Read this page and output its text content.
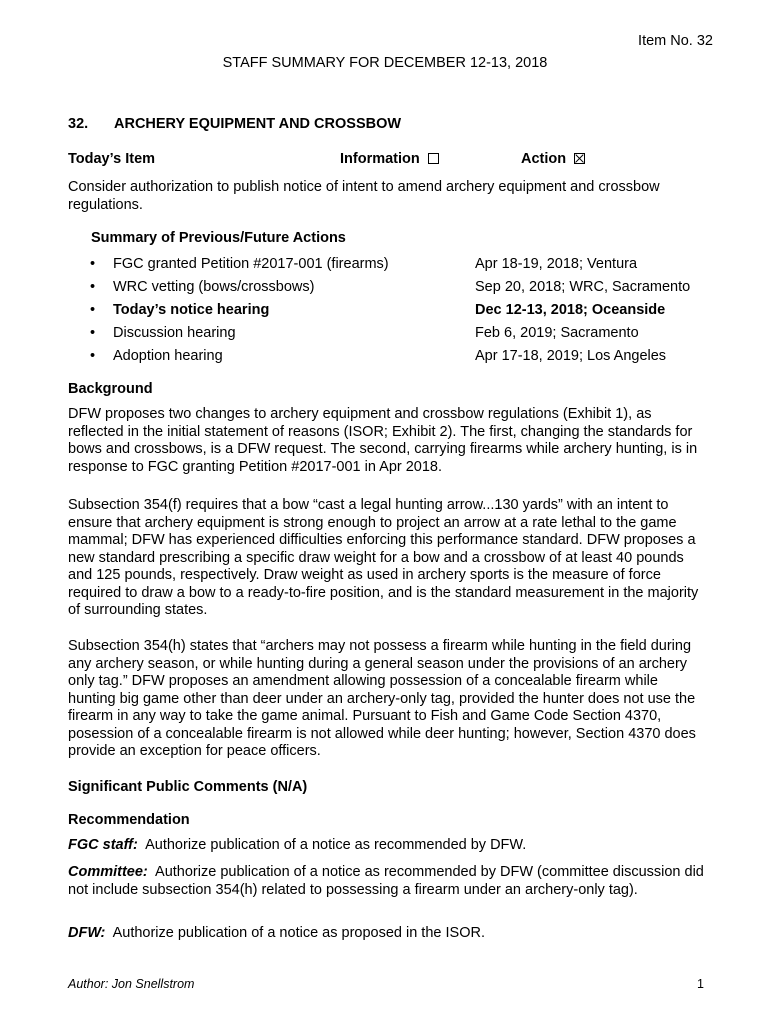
Item No. 32
STAFF SUMMARY FOR DECEMBER 12-13, 2018
32. ARCHERY EQUIPMENT AND CROSSBOW
Today’s Item	Information	Action
Consider authorization to publish notice of intent to amend archery equipment and crossbow regulations.
Summary of Previous/Future Actions
• FGC granted Petition #2017-001 (firearms)	Apr 18-19, 2018; Ventura
• WRC vetting (bows/crossbows)	Sep 20, 2018; WRC, Sacramento
• Today’s notice hearing	Dec 12-13, 2018; Oceanside
• Discussion hearing	Feb 6, 2019; Sacramento
• Adoption hearing	Apr 17-18, 2019; Los Angeles
Background
DFW proposes two changes to archery equipment and crossbow regulations (Exhibit 1), as reflected in the initial statement of reasons (ISOR; Exhibit 2). The first, changing the standards for bows and crossbows, is a DFW request. The second, carrying firearms while archery hunting, is in response to FGC granting Petition #2017-001 in Apr 2018.
Subsection 354(f) requires that a bow “cast a legal hunting arrow...130 yards” with an intent to ensure that archery equipment is strong enough to project an arrow at a rate lethal to the game mammal; DFW has experienced difficulties enforcing this performance standard. DFW proposes a new standard prescribing a specific draw weight for a bow and a crossbow of at least 40 pounds and 125 pounds, respectively. Draw weight as used in archery sports is the measure of force required to draw a bow to a ready-to-fire position, and is the standard measurement in the majority of surrounding states.
Subsection 354(h) states that “archers may not possess a firearm while hunting in the field during any archery season, or while hunting during a general season under the provisions of an archery only tag.” DFW proposes an amendment allowing possession of a concealable firearm while hunting big game other than deer under an archery-only tag, provided the hunter does not use the firearm in any way to take the game animal. Pursuant to Fish and Game Code Section 4370, posession of a concealable firearm is not allowed while deer hunting; however, Section 4370 does provide an exception for peace officers.
Significant Public Comments (N/A)
Recommendation
FGC staff: Authorize publication of a notice as recommended by DFW.
Committee: Authorize publication of a notice as recommended by DFW (committee discussion did not include subsection 354(h) related to possessing a firearm under an archery-only tag).
DFW: Authorize publication of a notice as proposed in the ISOR.
Author: Jon Snellstrom	1
